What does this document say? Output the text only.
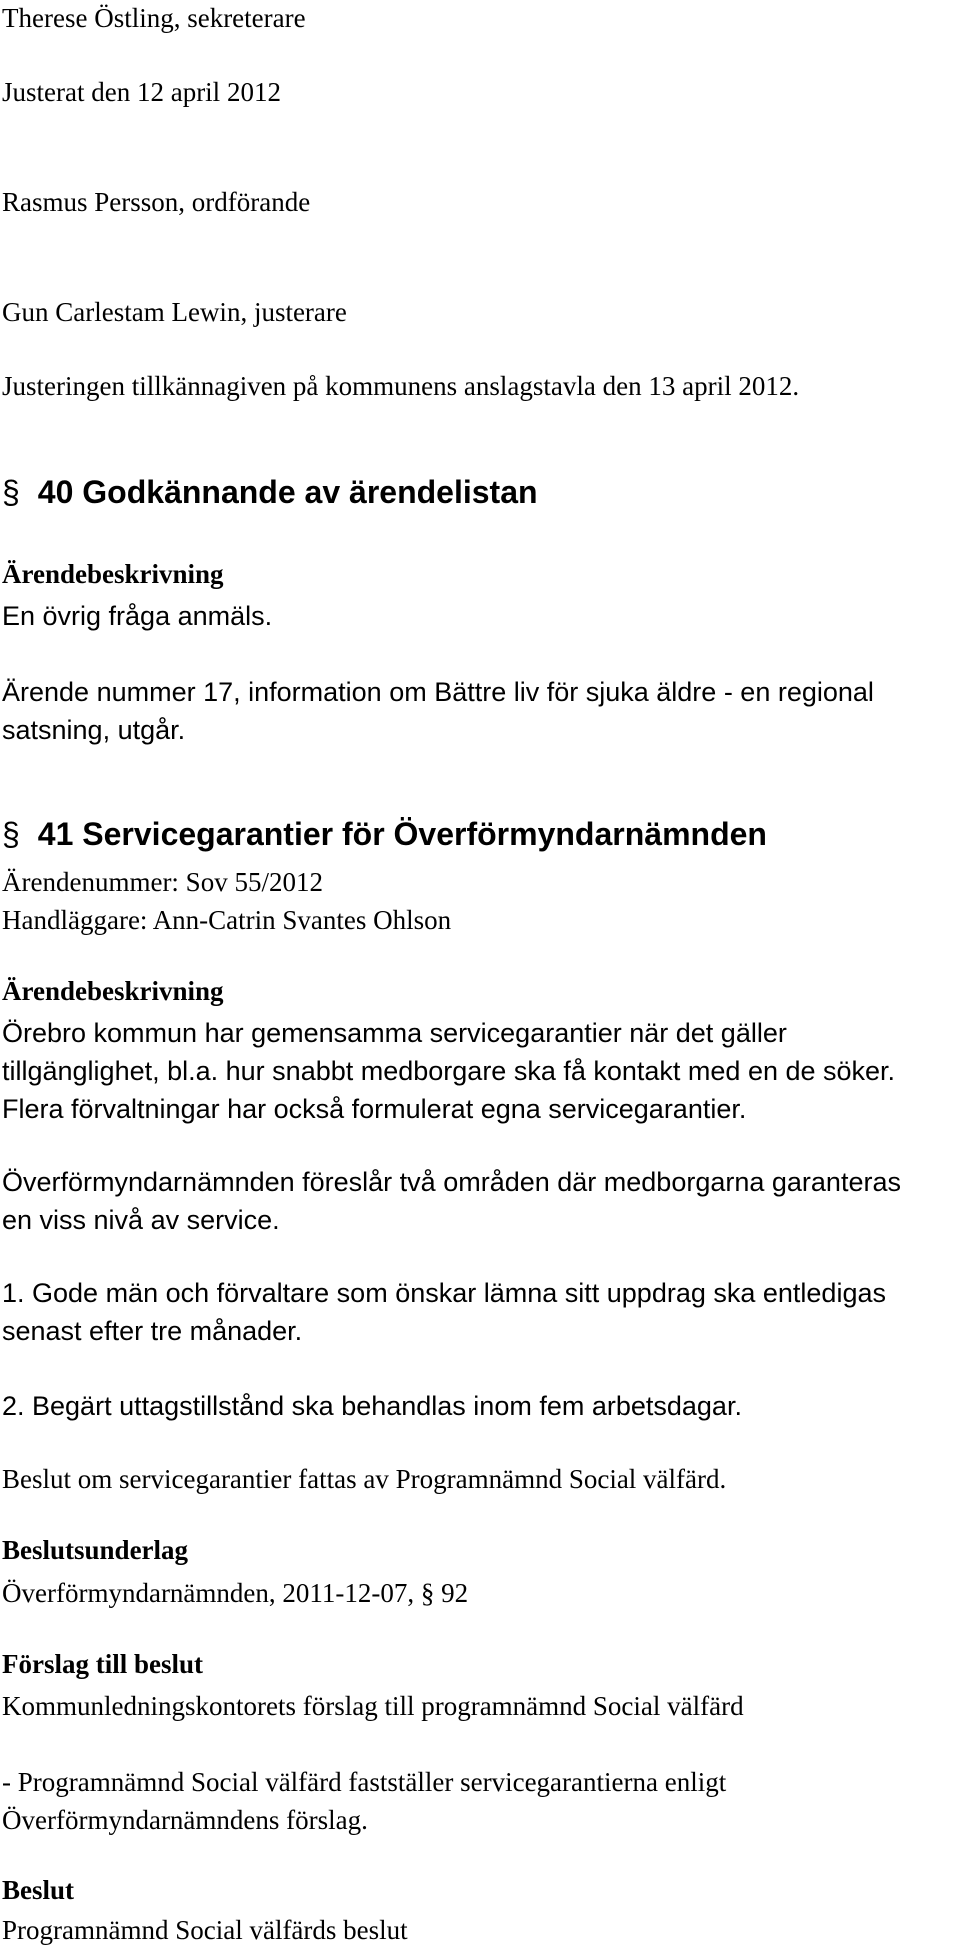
Therese Östling, sekreterare

Justerat den 12 april 2012

Rasmus Persson, ordförande

Gun Carlestam Lewin, justerare

Justeringen tillkännagiven på kommunens anslagstavla den 13 april 2012.

§ 40 Godkännande av ärendelistan
Ärendebeskrivning

En övrig fråga anmäls.

Ärende nummer 17, information om Bättre liv för sjuka äldre - en regional

satsning, utgår.

§ 41 Servicegarantier för Överförmyndarnämnden

Ärendenummer: Sov 55/2012

Handläggare: Ann-Catrin Svantes Ohlson

Ärendebeskrivning

Örebro kommun har gemensamma servicegarantier när det gäller

tillgänglighet, bl.a. hur snabbt medborgare ska få kontakt med en de söker.

Flera förvaltningar har också formulerat egna servicegarantier.

Överförmyndarnämnden föreslår två områden där medborgarna garanteras

en viss nivå av service.

1. Gode män och förvaltare som önskar lämna sitt uppdrag ska entledigas

senast efter tre månader.

2. Begärt uttagstillstånd ska behandlas inom fem arbetsdagar.

Beslut om servicegarantier fattas av Programnämnd Social välfärd.

Beslutsunderlag

Överförmyndarnämnden, 2011-12-07, § 92

Förslag till beslut

Kommunledningskontorets förslag till programnämnd Social välfärd

- Programnämnd Social välfärd fastställer servicegarantierna enligt

Överförmyndarnämndens förslag.

Beslut

Programnämnd Social välfärds beslut
